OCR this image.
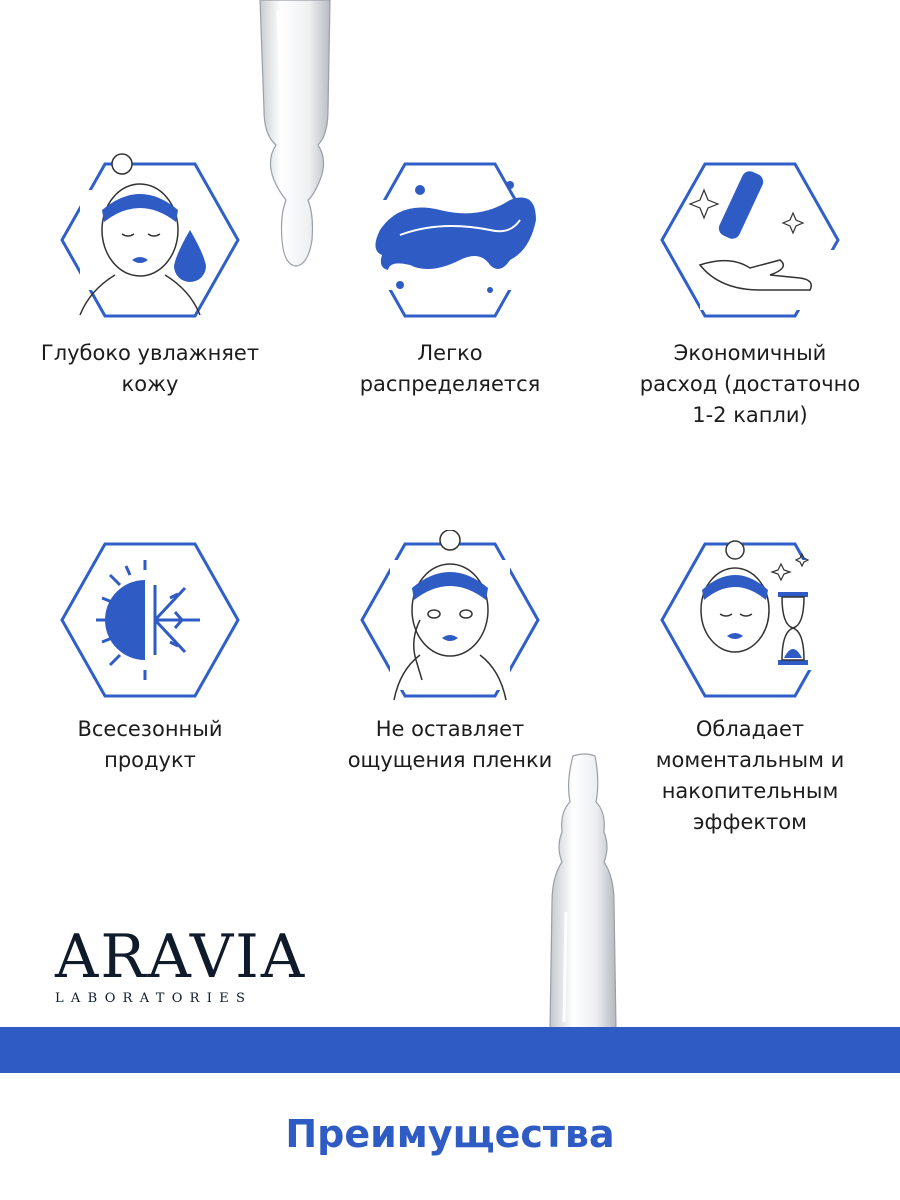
Глубоко увлажняет
кожу
Легко
распределяется
Экономичный
расход (достаточно
1-2 капли)
Всесезонный
продукт
Не оставляет
ощущения пленки
Обладает
моментальным и
накопительным
эффектом
ARAVIA
LABORATORIES
Преимущества
